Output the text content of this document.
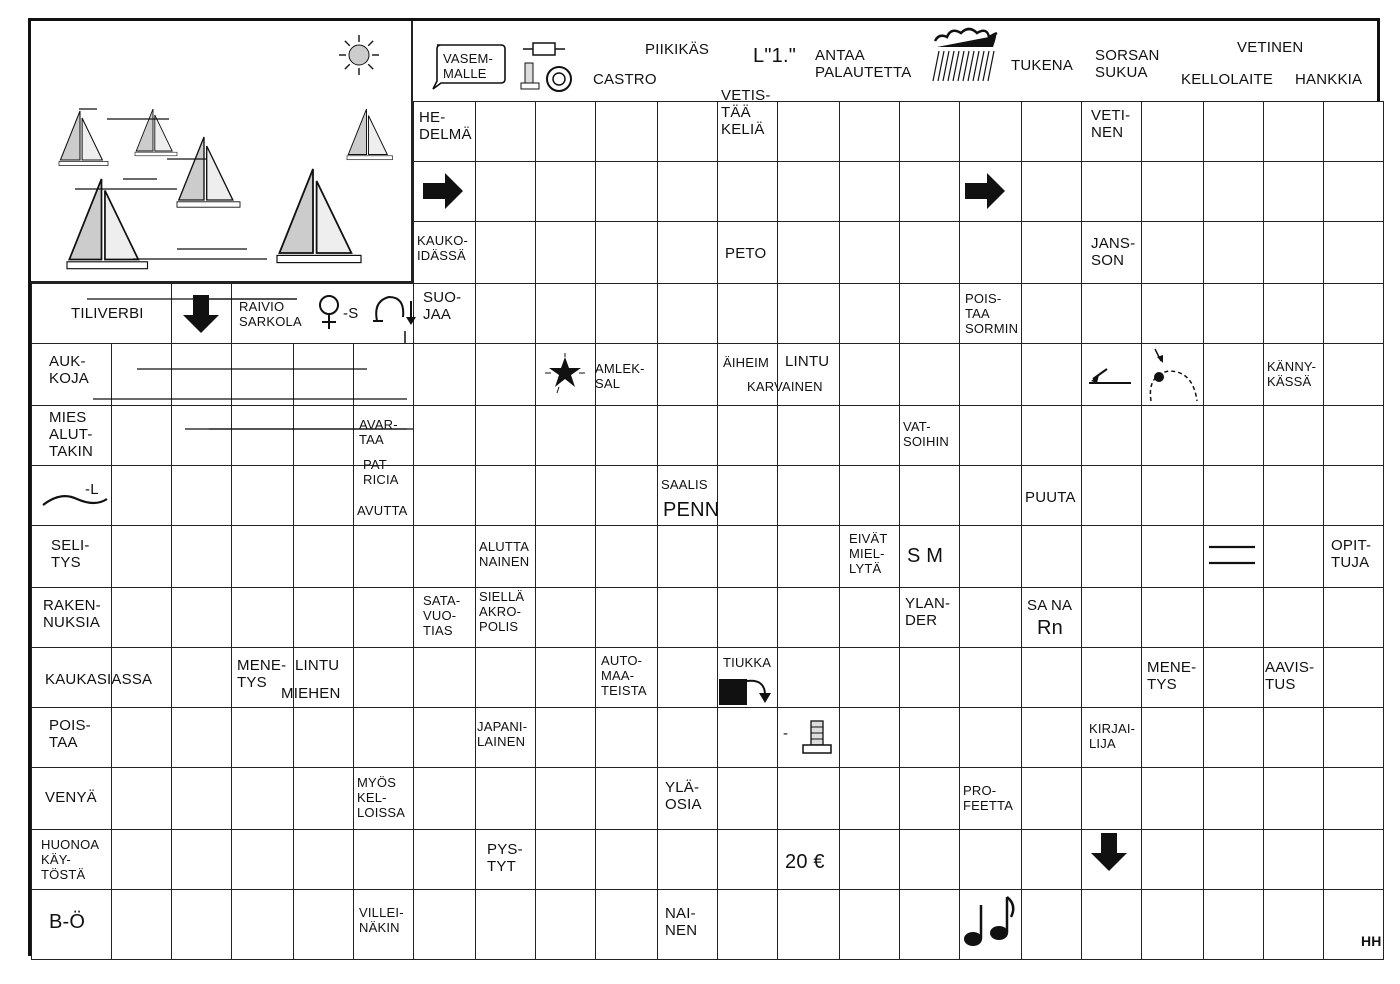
CASTRO
PIIKIKÄS L"1." ANTAA
PALAUTETTA	TUKENA
SORSAN
SUKUA
VETINEN
KELLOLAITE HANKKIA
HE-
DELMÄ
VETIS-
TÄÄ
KELIÄ
VETI-
NEN
KAUKO-
IDÄSSÄ	PETO
JANS-
SON
TILIVERBI	RAIVIO
SARKOLA	-S
SUO-
JAA
POIS-
TAA
SORMIN
AUK-
KOJA
AMLEK-
SAL
ÄIHEIM LINTU
KARVAINEN
KÄNNY-
KÄSSÄ
MIES
ALUT-
TAKIN
AVAR-
TAA
VAT-
SOIHIN
PAT-
RICIA	SAALIS
PENN
PUUTA
-L
AVUTTA
SELI-
TYS
ALUTTA
NAINEN
EIVÄT
MIEL-
LYTÄ
S M	OPIT-
TUJA
RAKEN-
NUKSIA
SATA-
VUO-
TIAS
SIELLÄ
AKRO-
POLIS
YLAN-
DER
SA NA
Rn
KAUKASIASSA
MENE-
TYS
LINTU
MIEHEN
AUTO-
MAA-
TEISTA
TIUKKA	MENE-
TYS
AAVIS-
TUS
POIS-
TAA
JAPANI-
LAINEN	-	KIRJAI-
LIJA
VENYÄ
MYÖS
KEL-
LOISSA
YLÄ-
OSIA
PRO-
FEETTA
HUONOA
KÄY-
TÖSTÄ
PYS-
TYT	20 €
B-Ö	VILLEI-
NÄKIN
NAI-
NEN
HH
VASEM-
MALLE
